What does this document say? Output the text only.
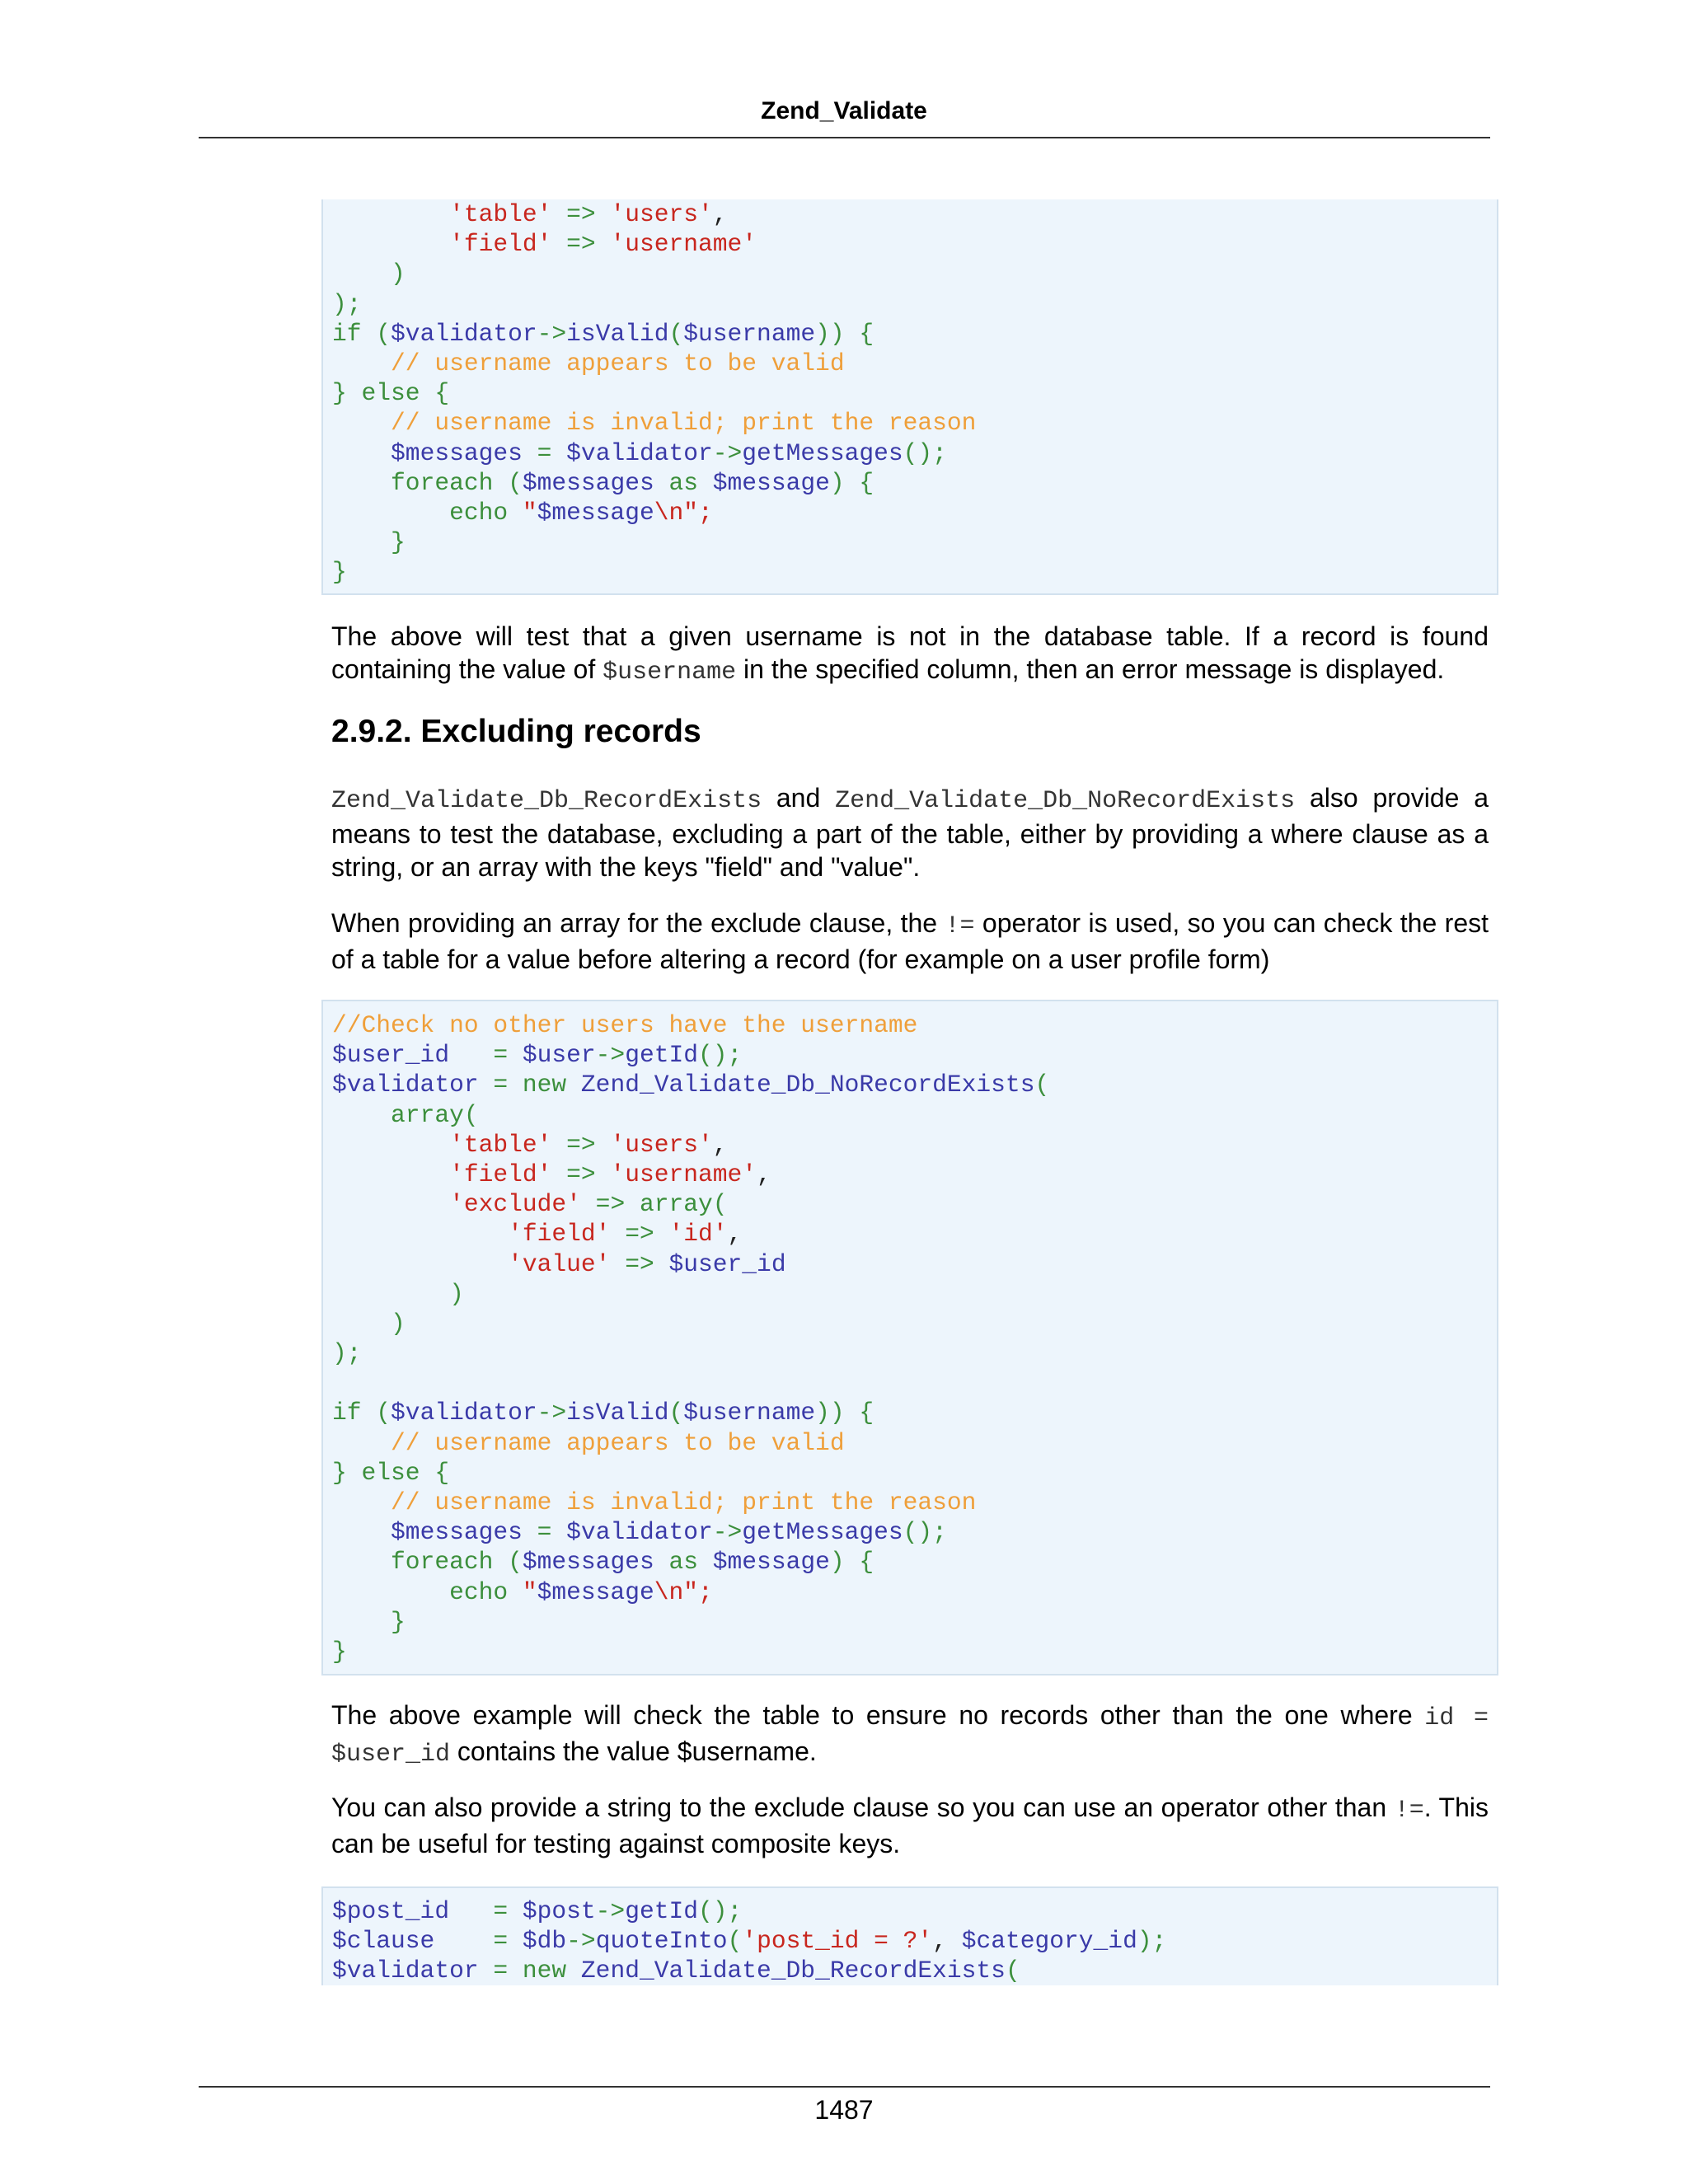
Zend_Validate
'table' => 'users',
'field' => 'username'
)
);
if ($validator->isValid($username)) {
// username appears to be valid
} else {
// username is invalid; print the reason
$messages = $validator->getMessages();
foreach ($messages as $message) {
echo "$message\n";
}
}
The above will test that a given username is not in the database table. If a record is found containing the value of $username in the specified column, then an error message is displayed.
2.9.2. Excluding records
Zend_Validate_Db_RecordExists and Zend_Validate_Db_NoRecordExists also provide a means to test the database, excluding a part of the table, either by providing a where clause as a string, or an array with the keys "field" and "value".
When providing an array for the exclude clause, the != operator is used, so you can check the rest of a table for a value before altering a record (for example on a user profile form)
//Check no other users have the username
$user_id   = $user->getId();
$validator = new Zend_Validate_Db_NoRecordExists(
array(
'table' => 'users',
'field' => 'username',
'exclude' => array(
'field' => 'id',
'value' => $user_id
)
)
);
if ($validator->isValid($username)) {
// username appears to be valid
} else {
// username is invalid; print the reason
$messages = $validator->getMessages();
foreach ($messages as $message) {
echo "$message\n";
}
}
The above example will check the table to ensure no records other than the one where id = $user_id contains the value $username.
You can also provide a string to the exclude clause so you can use an operator other than !=. This can be useful for testing against composite keys.
$post_id   = $post->getId();
$clause    = $db->quoteInto('post_id = ?', $category_id);
$validator = new Zend_Validate_Db_RecordExists(
1487
